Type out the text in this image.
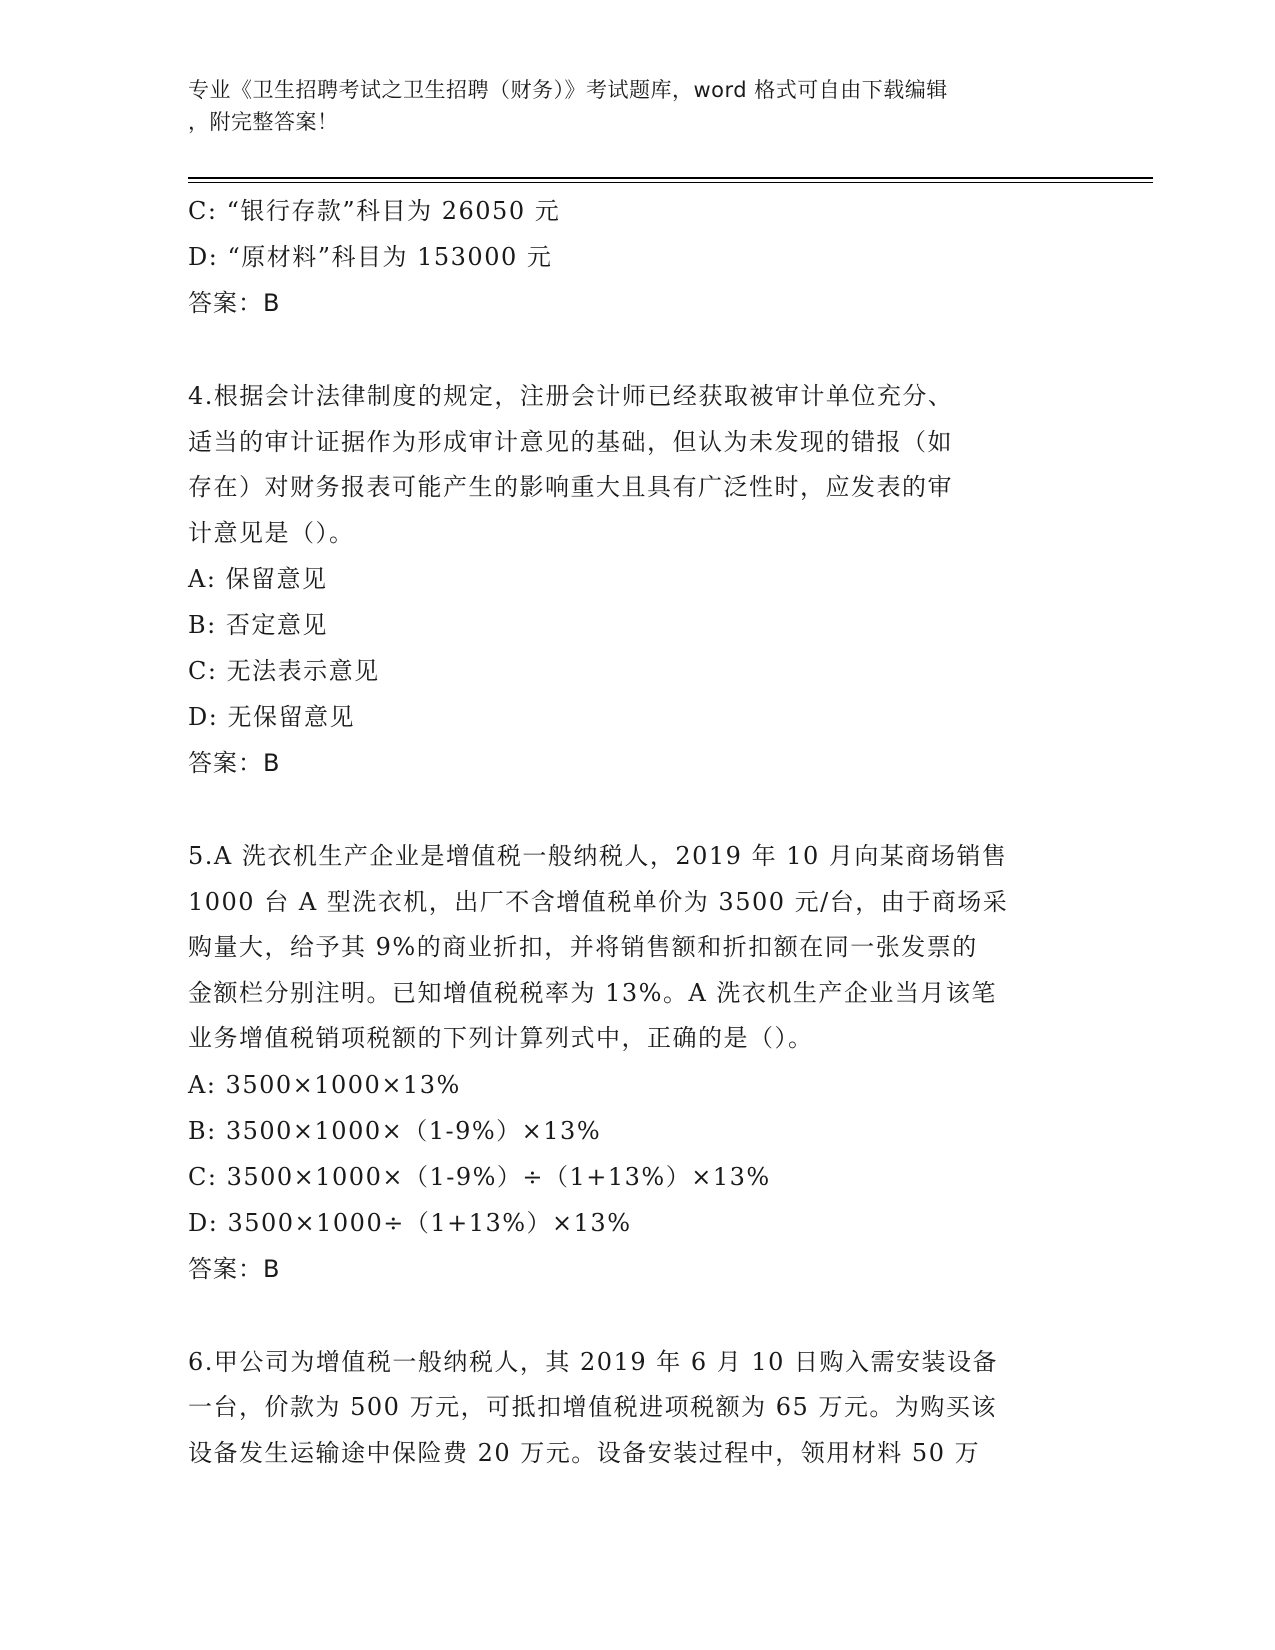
专业《卫生招聘考试之卫生招聘（财务）》考试题库，word 格式可自由下载编辑
，附完整答案！
C: “银行存款”科目为 26050 元
D: “原材料”科目为 153000 元
答案：B
4.根据会计法律制度的规定，注册会计师已经获取被审计单位充分、
适当的审计证据作为形成审计意见的基础，但认为未发现的错报（如
存在）对财务报表可能产生的影响重大且具有广泛性时，应发表的审
计意见是（）。
A: 保留意见
B: 否定意见
C: 无法表示意见
D: 无保留意见
答案：B
5.A 洗衣机生产企业是增值税一般纳税人，2019 年 10 月向某商场销售
1000 台 A 型洗衣机，出厂不含增值税单价为 3500 元/台，由于商场采
购量大，给予其 9%的商业折扣，并将销售额和折扣额在同一张发票的
金额栏分别注明。已知增值税税率为 13%。A 洗衣机生产企业当月该笔
业务增值税销项税额的下列计算列式中，正确的是（）。
A: 3500×1000×13%
B: 3500×1000×（1-9%）×13%
C: 3500×1000×（1-9%）÷（1+13%）×13%
D: 3500×1000÷（1+13%）×13%
答案：B
6.甲公司为增值税一般纳税人，其 2019 年 6 月 10 日购入需安装设备
一台，价款为 500 万元，可抵扣增值税进项税额为 65 万元。为购买该
设备发生运输途中保险费 20 万元。设备安装过程中，领用材料 50 万
